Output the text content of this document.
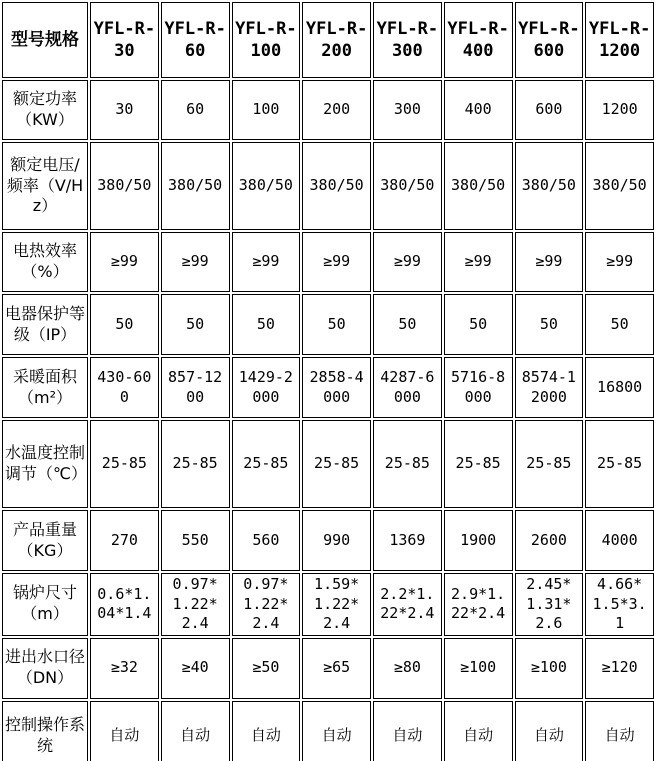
型号规格	YFL-R-30	YFL-R-60	YFL-R-100	YFL-R-200	YFL-R-300	YFL-R-400	YFL-R-600	YFL-R-1200
额定功率（KW）	30	60	100	200	300	400	600	1200
额定电压/频率（V/Hz）	380/50	380/50	380/50	380/50	380/50	380/50	380/50	380/50
电热效率（%）	≥99	≥99	≥99	≥99	≥99	≥99	≥99	≥99
电器保护等级（IP）	50	50	50	50	50	50	50	50
采暖面积（m²）	430-600	857-1200	1429-2000	2858-4000	4287-6000	5716-8000	8574-12000	16800
水温度控制调节（℃）	25-85	25-85	25-85	25-85	25-85	25-85	25-85	25-85
产品重量（KG）	270	550	560	990	1369	1900	2600	4000
锅炉尺寸（m）	0.6*1.04*1.4	0.97*1.22*2.4	0.97*1.22*2.4	1.59*1.22*2.4	2.2*1.22*2.4	2.9*1.22*2.4	2.45*1.31*2.6	4.66*1.5*3.1
进出水口径（DN）	≥32	≥40	≥50	≥65	≥80	≥100	≥100	≥120
控制操作系统	自动	自动	自动	自动	自动	自动	自动	自动
